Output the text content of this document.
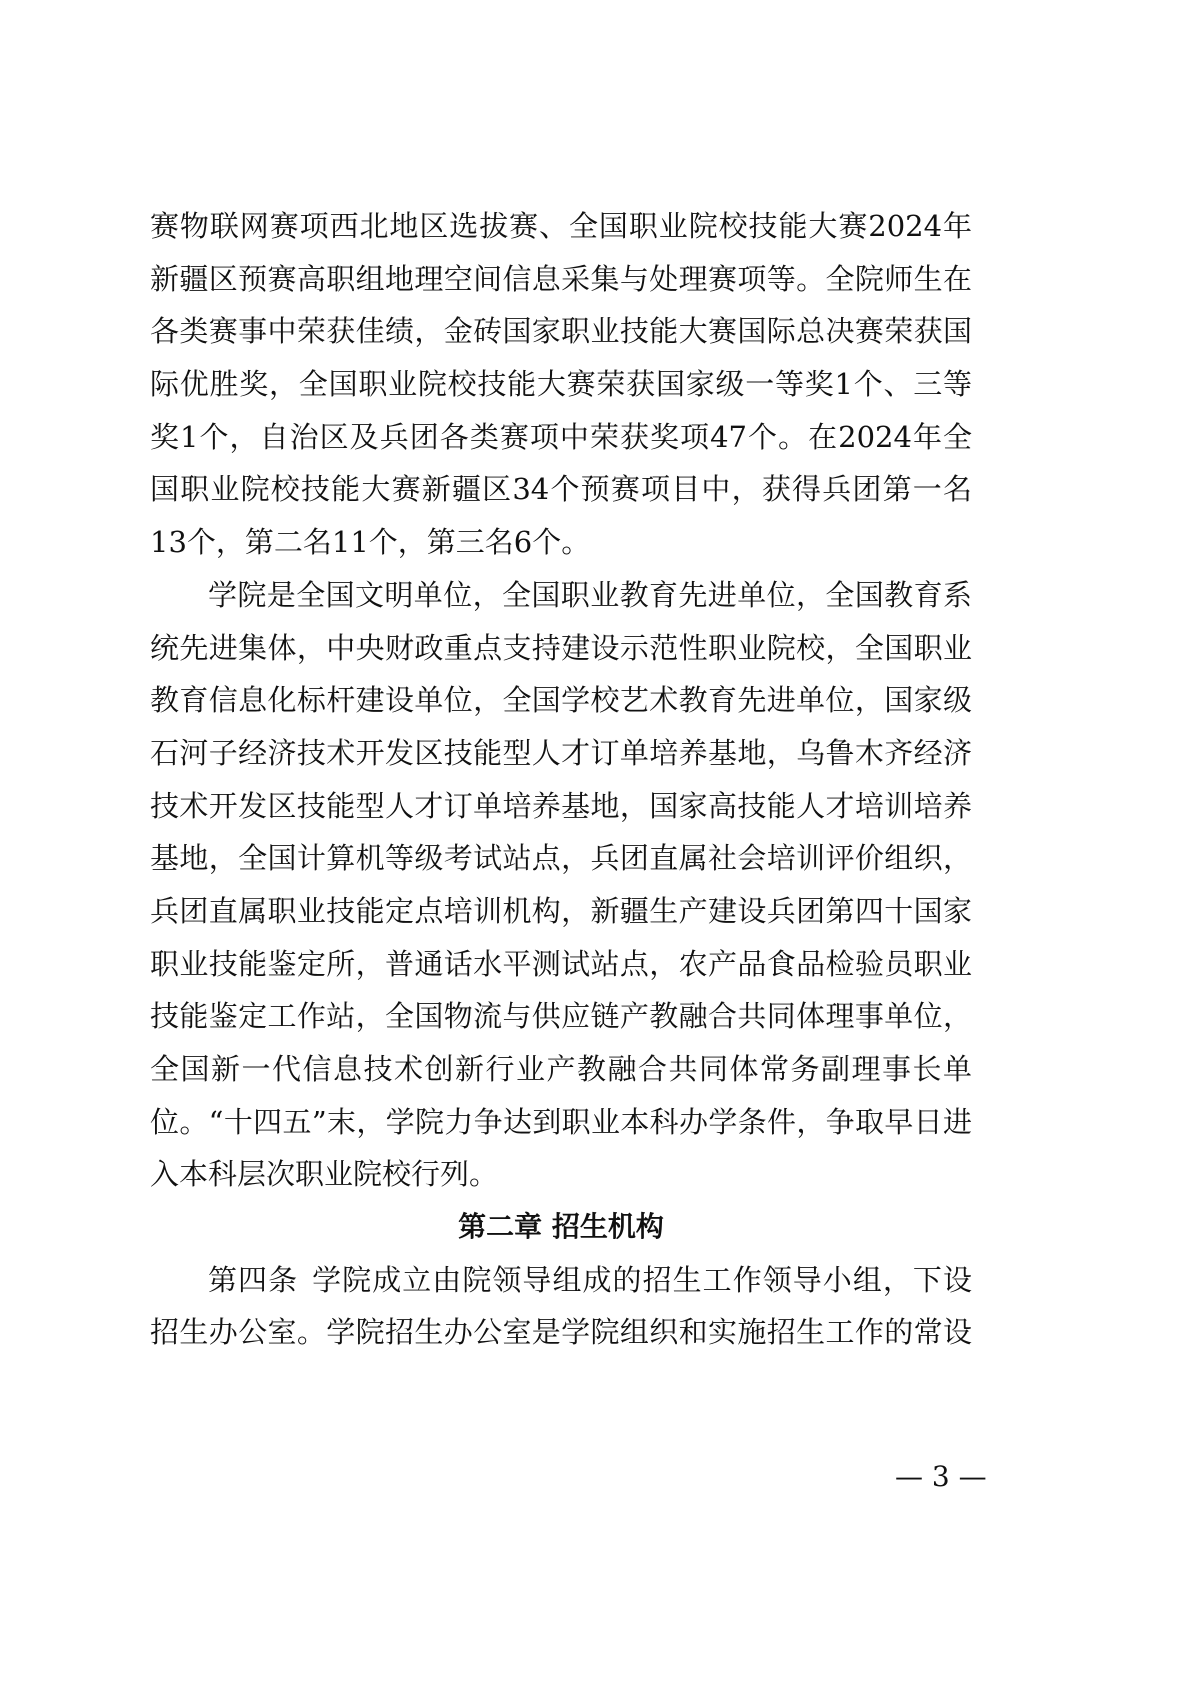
赛物联网赛项西北地区选拔赛、全国职业院校技能大赛2024年
新疆区预赛高职组地理空间信息采集与处理赛项等。全院师生在
各类赛事中荣获佳绩，金砖国家职业技能大赛国际总决赛荣获国
际优胜奖，全国职业院校技能大赛荣获国家级一等奖1个、三等
奖1个，自治区及兵团各类赛项中荣获奖项47个。在2024年全
国职业院校技能大赛新疆区34个预赛项目中，获得兵团第一名
13个，第二名11个，第三名6个。
学院是全国文明单位，全国职业教育先进单位，全国教育系
统先进集体，中央财政重点支持建设示范性职业院校，全国职业
教育信息化标杆建设单位，全国学校艺术教育先进单位，国家级
石河子经济技术开发区技能型人才订单培养基地，乌鲁木齐经济
技术开发区技能型人才订单培养基地，国家高技能人才培训培养
基地，全国计算机等级考试站点，兵团直属社会培训评价组织，
兵团直属职业技能定点培训机构，新疆生产建设兵团第四十国家
职业技能鉴定所，普通话水平测试站点，农产品食品检验员职业
技能鉴定工作站，全国物流与供应链产教融合共同体理事单位，
全国新一代信息技术创新行业产教融合共同体常务副理事长单
位。“十四五”末，学院力争达到职业本科办学条件，争取早日进
入本科层次职业院校行列。
第二章 招生机构
第四条 学院成立由院领导组成的招生工作领导小组，下设
招生办公室。学院招生办公室是学院组织和实施招生工作的常设
— 3 —
